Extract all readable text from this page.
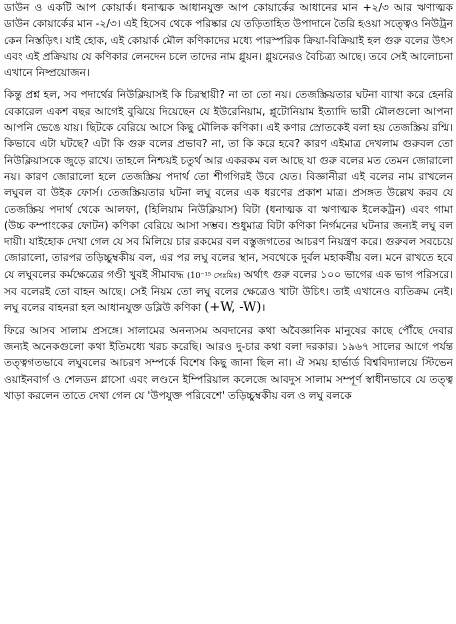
ডাউন ও একটি আপ কোয়ার্ক। ধনাত্মক আধানযুক্ত আপ কোয়ার্কের আধানের মান +২/৩ আর ঋণাত্মক ডাউন কোয়ার্কের মান -২/৩। এই হিসেব থেকে পরিষ্কার যে তড়িতাহিত উপাদানে তৈরি হওয়া সত্ত্বেও নিউট্রন কেন নিস্তড়িৎ। যাই হোক, এই কোয়ার্ক মৌল কণিকাদের মধ্যে পারস্পরিক ক্রিয়া-বিক্রিয়াই হল গুরু বলের উৎস এবং এই প্রক্রিয়ায় যে কণিকার লেনদেন চলে তাদের নাম গ্লুয়ন। গ্লুয়নেরও বৈচিত্র্য আছে। তবে সেই আলোচনা এখানে নিষ্প্রয়োজন।

কিন্তু প্রশ্ন হল, সব পদার্থের নিউক্লিয়াসই কি চিরস্থায়ী? না তা তো নয়। তেজস্ক্রিয়তার ঘটনা ব্যাখা করে হেনরি বেকারেল একশ বছর আগেই বুঝিয়ে দিয়েছেন যে ইউরেনিয়াম, প্লুটোনিয়াম ইত্যাদি ভারী মৌলগুলো আপনা আপনি ভেঙে যায়। ছিটকে বেরিয়ে আসে কিছু মৌলিক কণিকা। এই কণার স্রোতকেই বলা হয় তেজস্ক্রিয় রশ্মি। কিভাবে এটা ঘটছে? এটা কি গুরু বলের প্রভাব? না, তা কি করে হবে? কারণ এইমাত্র দেখলাম গুরুবল তো নিউক্লিয়াসকে জুড়ে রাখে। তাহলে নিশ্চয়ই চতুর্থ আর একরকম বল আছে যা গুরু বলের মত তেমন জোরালো নয়। কারণ জোরালো হলে তেজস্ক্রিয় পদার্থ তো শীগগিরই উবে যেত। বিজ্ঞানীরা এই বলের নাম রাখলেন লঘুবল বা উইক ফোর্স। তেজস্ক্রিয়তার ঘটনা লঘু বলের এক ধরণের প্রকাশ মাত্র। প্রসঙ্গত উল্লেখ করব যে তেজস্ক্রিয় পদার্থ থেকে আলফা, (হিলিয়াম নিউক্লিয়াস) বিটা (ধনাত্মক বা ঋণাত্মক ইলেকট্রন) এবং গামা (উচ্চ কম্পাংকের ফোটন) কণিকা বেরিয়ে আসা সম্ভব। শুধুমাত্র বিটা কণিকা নির্গমনের ঘটনার জন্যই লঘু বল দায়ী। যাইহোক দেখা গেল যে সব মিলিয়ে চার রকমের বল বস্তুজগতের আচরণ নিয়ন্ত্রণ করে। গুরুবল সবচেয়ে জোরালো, তারপর তড়িচ্চুম্বকীয় বল, এর পর লঘু বলের স্থান, সবথেকে দুর্বল মহাকর্ষীয় বল। মনে রাখতে হবে যে লঘুবলের কর্মক্ষেত্রের গণ্ডী খুবই সীমাবদ্ধ (10⁻¹⁵ সেঃমিঃ) অর্থাৎ গুরু বলের ১০০ ভাগের এক ভাগ পরিসরে। সব বলেরই তো বাহন আছে। সেই নিয়ম তো লঘু বলের ক্ষেত্রেও খাটা উচিৎ। তাই এখানেও ব্যতিক্রম নেই। লঘু বলের বাহনরা হল আধানযুক্ত ডব্লিউ কণিকা (+W, -W)।

ফিরে আসব সালাম প্রসঙ্গে। সালামের অনন্যসম অবদানের কথা অবৈজ্ঞানিক মানুষের কাছে পৌঁছে দেবার জন্যই অনেকগুলো কথা ইতিমধ্যে খরচ করেছি। আরও দু-চার কথা বলা দরকার। ১৯৬৭ সালের আগে পর্যন্ত তত্ত্বগতভাবে লঘুবলের আচরণ সম্পর্কে বিশেষ কিছু জানা ছিল না। ঐ সময় হার্ভার্ড বিশ্ববিদ্যালয়ে স্টিভেন ওয়াইনবার্গ ও শেলডন গ্লাসো এবং লণ্ডনে ইম্পিরিয়াল কলেজে আবদুস সালাম সম্পূর্ণ স্বাধীনভাবে যে তত্ত্ব খাড়া করলেন তাতে দেখা গেল যে 'উপযুক্ত পরিবেশে' তড়িচ্চুম্বকীয় বল ও লঘু বলকে
